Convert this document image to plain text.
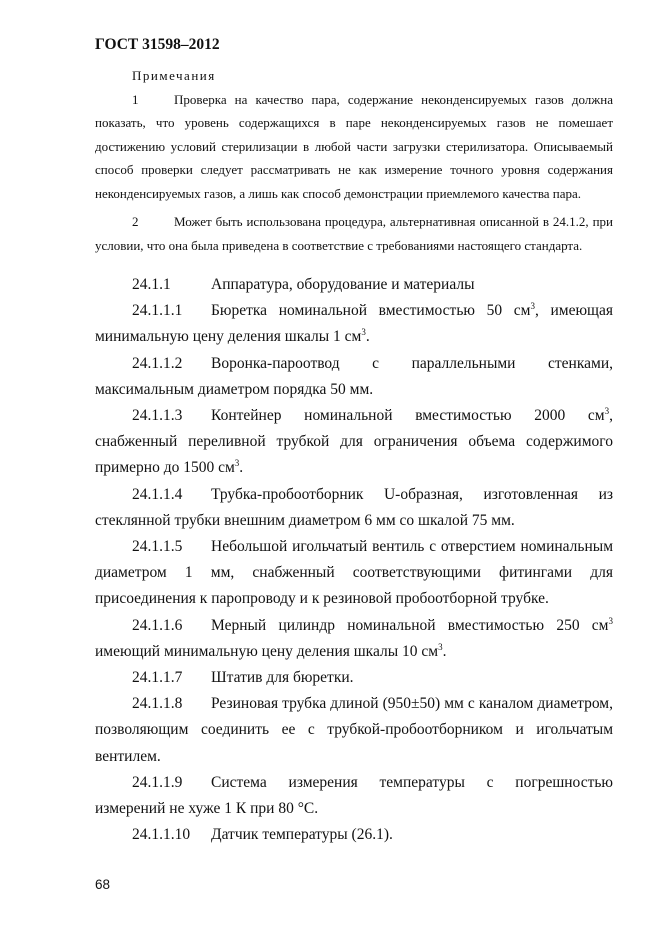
ГОСТ 31598–2012
Примечания
1	Проверка на качество пара, содержание неконденсируемых газов должна показать, что уровень содержащихся в паре неконденсируемых газов не помешает достижению условий стерилизации в любой части загрузки стерилизатора. Описываемый способ проверки следует рассматривать не как измерение точного уровня содержания неконденсируемых газов, а лишь как способ демонстрации приемлемого качества пара.
2	Может быть использована процедура, альтернативная описанной в 24.1.2, при условии, что она была приведена в соответствие с требованиями настоящего стандарта.
24.1.1	Аппаратура, оборудование и материалы
24.1.1.1 Бюретка номинальной вместимостью 50 $см^3$, имеющая минимальную цену деления шкалы 1 $см^3$.
24.1.1.2 Воронка-пароотвод с параллельными стенками, максимальным диаметром порядка 50 мм.
24.1.1.3 Контейнер номинальной вместимостью 2000 $см^3$, снабженный переливной трубкой для ограничения объема содержимого примерно до 1500 $см^3$.
24.1.1.4 Трубка-пробоотборник U-образная, изготовленная из стеклянной трубки внешним диаметром 6 мм со шкалой 75 мм.
24.1.1.5 Небольшой игольчатый вентиль с отверстием номинальным диаметром 1 мм, снабженный соответствующими фитингами для присоединения к паропроводу и к резиновой пробоотборной трубке.
24.1.1.6 Мерный цилиндр номинальной вместимостью 250 $см^3$ имеющий минимальную цену деления шкалы 10 $см^3$.
24.1.1.7 Штатив для бюретки.
24.1.1.8 Резиновая трубка длиной (950±50) мм с каналом диаметром, позволяющим соединить ее с трубкой-пробоотборником и игольчатым вентилем.
24.1.1.9 Система измерения температуры с погрешностью измерений не хуже 1 К при 80 °С.
24.1.1.10 Датчик температуры (26.1).
68
